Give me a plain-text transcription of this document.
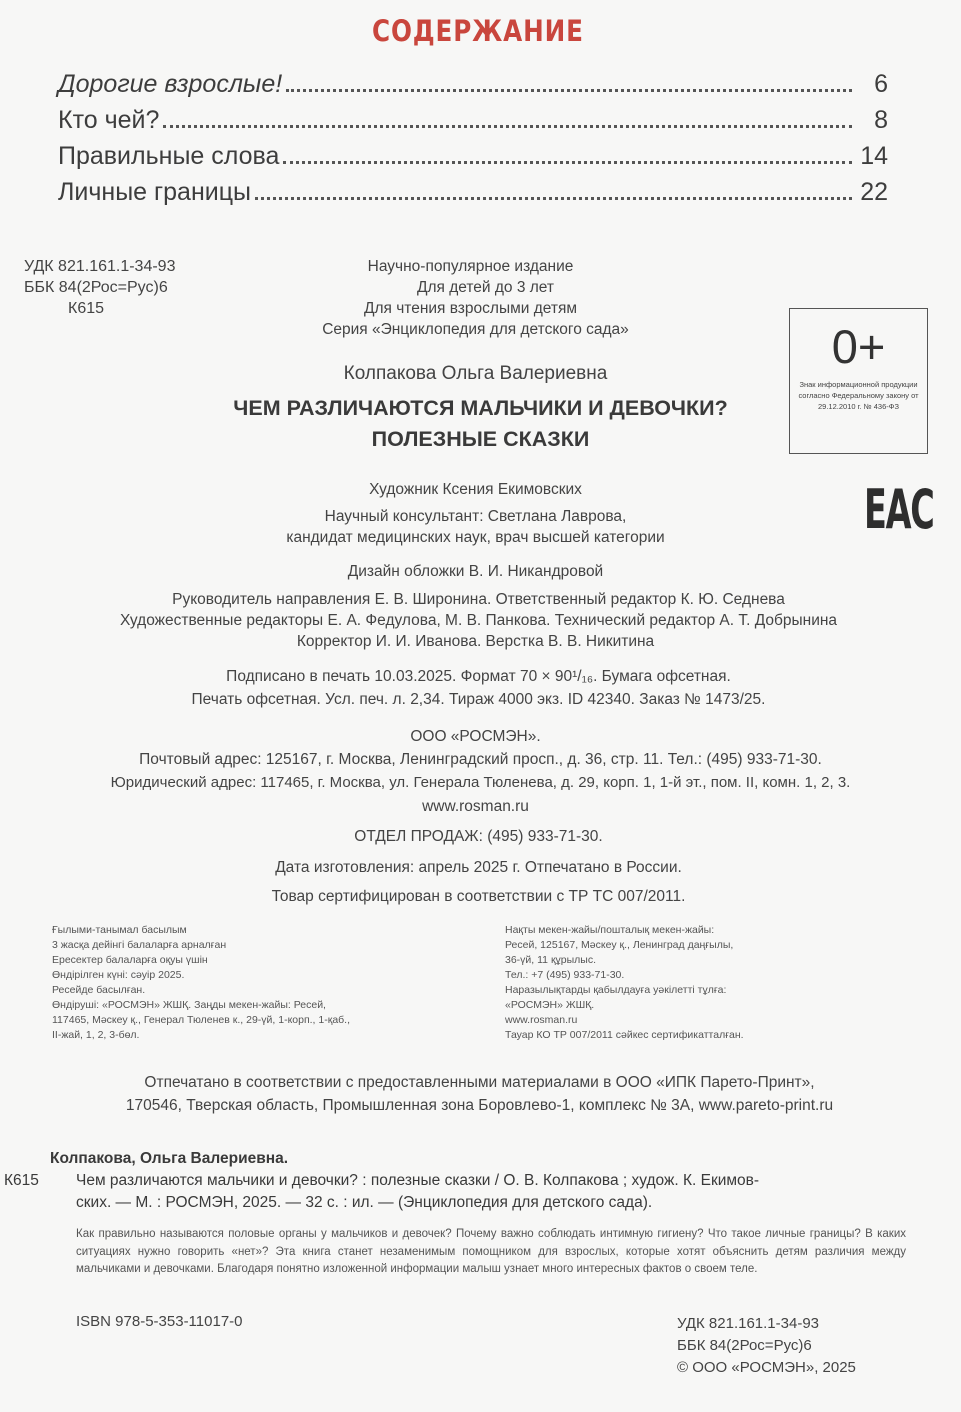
СОДЕРЖАНИЕ
Дорогие взрослые!	6
Кто чей?	8
Правильные слова	14
Личные границы	22
УДК 821.161.1-34-93
ББК 84(2Рос=Рус)6
К615
Научно-популярное издание
Для детей до 3 лет
Для чтения взрослыми детям
Серия «Энциклопедия для детского сада»	0+
Знак информационной продукции согласно Федеральному закону от 29.12.2010 г. № 436-ФЗ
ЕАС
Колпакова Ольга Валериевна
ЧЕМ РАЗЛИЧАЮТСЯ МАЛЬЧИКИ И ДЕВОЧКИ?
ПОЛЕЗНЫЕ СКАЗКИ
Художник Ксения Екимовских
Научный консультант: Светлана Лаврова,
кандидат медицинских наук, врач высшей категории
Дизайн обложки В. И. Никандровой
Руководитель направления Е. В. Широнина. Ответственный редактор К. Ю. Седнева
Художественные редакторы Е. А. Федулова, М. В. Панкова. Технический редактор А. Т. Добрынина
Корректор И. И. Иванова. Верстка В. В. Никитина
Подписано в печать 10.03.2025. Формат 70 × 90¹/₁₆. Бумага офсетная.
Печать офсетная. Усл. печ. л. 2,34. Тираж 4000 экз. ID 42340. Заказ № 1473/25.
ООО «РОСМЭН».
Почтовый адрес: 125167, г. Москва, Ленинградский просп., д. 36, стр. 11. Тел.: (495) 933-71-30.
Юридический адрес: 117465, г. Москва, ул. Генерала Тюленева, д. 29, корп. 1, 1-й эт., пом. II, комн. 1, 2, 3.
www.rosman.ru
ОТДЕЛ ПРОДАЖ: (495) 933-71-30.
Дата изготовления: апрель 2025 г. Отпечатано в России.
Товар сертифицирован в соответствии с ТР ТС 007/2011.
Ғылыми-танымал басылым
3 жасқа дейінгі балаларға арналған
Ересектер балаларға оқуы үшін
Өндірілген күні: сәуір 2025.
Ресейде басылған.
Өндіруші: «РОСМЭН» ЖШҚ. Заңды мекен-жайы: Ресей,
117465, Мәскеу қ., Генерал Тюленев к., 29-үй, 1-корп., 1-қаб.,
ІІ-жай, 1, 2, 3-бөл.
Нақты мекен-жайы/пошталық мекен-жайы:
Ресей, 125167, Мәскеу қ., Ленинград даңғылы,
36-үй, 11 құрылыс.
Тел.: +7 (495) 933-71-30.
Наразылықтарды қабылдауға уәкілетті тұлға:
«РОСМЭН» ЖШҚ.
www.rosman.ru
Тауар КО ТР 007/2011 сәйкес сертификатталған.
Отпечатано в соответствии с предоставленными материалами в ООО «ИПК Парето-Принт»,
170546, Тверская область, Промышленная зона Боровлево-1, комплекс № 3А, www.pareto-print.ru
Колпакова, Ольга Валериевна.
К615 Чем различаются мальчики и девочки? : полезные сказки / О. В. Колпакова ; худож. К. Екимов-
ских. — М. : РОСМЭН, 2025. — 32 с. : ил. — (Энциклопедия для детского сада).
Как правильно называются половые органы у мальчиков и девочек? Почему важно соблюдать интимную гигиену? Что такое личные границы? В каких ситуациях нужно говорить «нет»? Эта книга станет незаменимым помощником для взрослых, которые хотят объяснить детям различия между мальчиками и девочками. Благодаря понятно изложенной информации малыш узнает много интересных фактов о своем теле.
ISBN 978-5-353-11017-0	УДК 821.161.1-34-93
ББК 84(2Рос=Рус)6
© ООО «РОСМЭН», 2025
